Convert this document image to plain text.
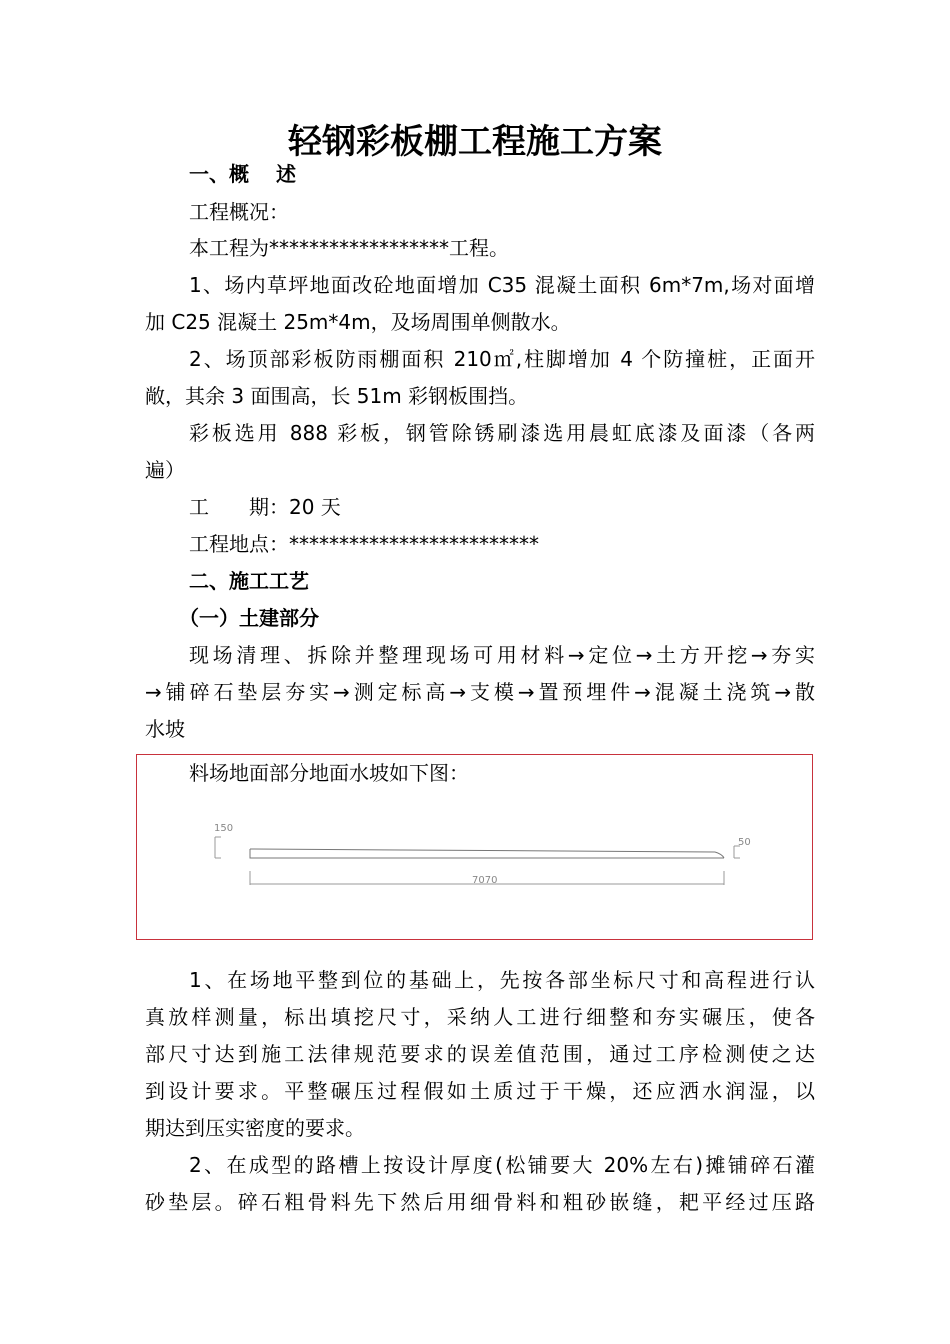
轻钢彩板棚工程施工方案
一、概　 述
工程概况：
本工程为******************工程。
1、场内草坪地面改砼地面增加 C35 混凝土面积 6m*7m,场对面增
加 C25 混凝土 25m*4m，及场周围单侧散水。
2、场顶部彩板防雨棚面积 210㎡,柱脚增加 4 个防撞桩，正面开
敞，其余 3 面围高，长 51m 彩钢板围挡。
彩板选用 888 彩板，钢管除锈刷漆选用晨虹底漆及面漆（各两
遍）
工　　期：20 天
工程地点：*************************
二、施工工艺
（一）土建部分
现场清理、拆除并整理现场可用材料→定位→土方开挖→夯实
→铺碎石垫层夯实→测定标高→支模→置预埋件→混凝土浇筑→散
水坡
料场地面部分地面水坡如下图：
150
50
7070
1、在场地平整到位的基础上，先按各部坐标尺寸和高程进行认
真放样测量，标出填挖尺寸，采纳人工进行细整和夯实碾压，使各
部尺寸达到施工法律规范要求的误差值范围，通过工序检测使之达
到设计要求。平整碾压过程假如土质过于干燥，还应洒水润湿，以
期达到压实密度的要求。
2、在成型的路槽上按设计厚度(松铺要大 20%左右)摊铺碎石灌
砂垫层。碎石粗骨料先下然后用细骨料和粗砂嵌缝，耙平经过压路
